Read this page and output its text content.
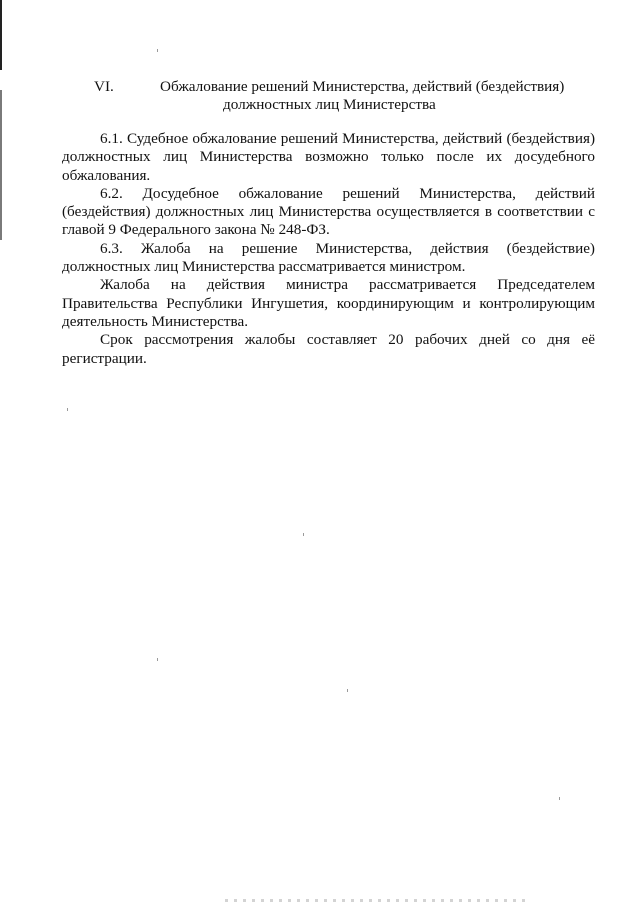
VI.	Обжалование решений Министерства, действий (бездействия)
должностных лиц Министерства

6.1. Судебное обжалование решений Министерства, действий (бездействия) должностных лиц Министерства возможно только после их досудебного обжалования.

6.2. Досудебное обжалование решений Министерства, действий (бездействия) должностных лиц Министерства осуществляется в соответствии с главой 9 Федерального закона № 248-ФЗ.

6.3. Жалоба на решение Министерства, действия (бездействие) должностных лиц Министерства рассматривается министром.

Жалоба на действия министра рассматривается Председателем Правительства Республики Ингушетия, координирующим и контролирующим деятельность Министерства.

Срок рассмотрения жалобы составляет 20 рабочих дней со дня её регистрации.
